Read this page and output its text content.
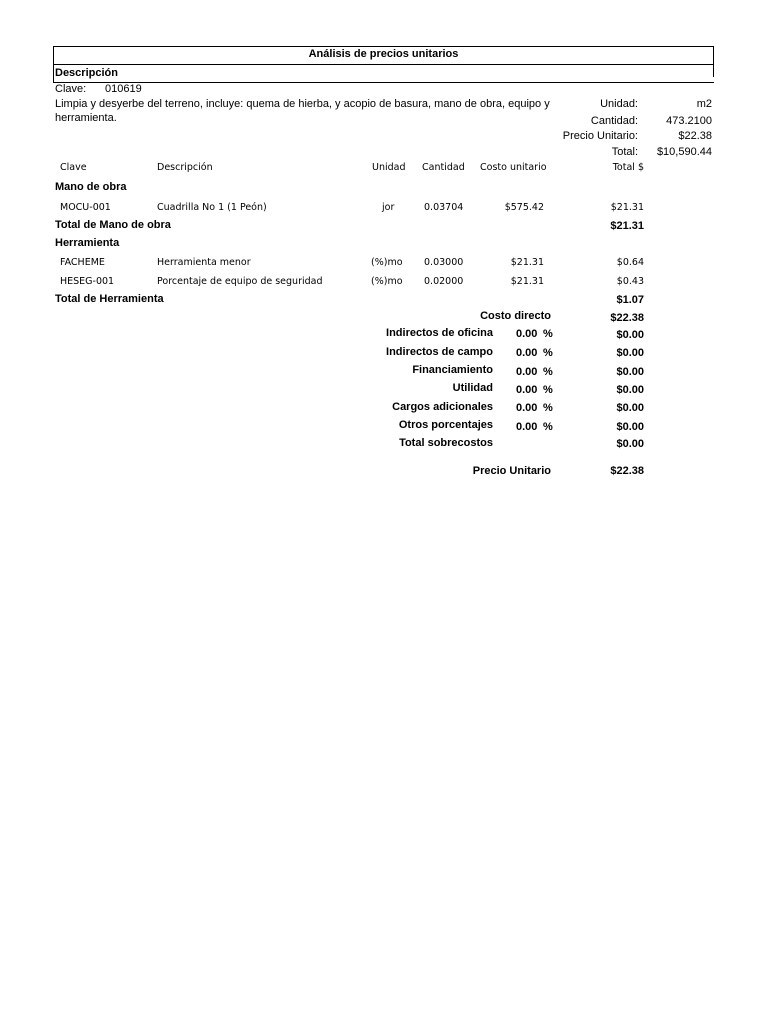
Análisis de precios unitarios
Descripción
Clave: 010619
Limpia y desyerbe del terreno, incluye: quema de hierba, y acopio de basura, mano de obra, equipo y
herramienta.
Unidad:	m2
Cantidad:	473.2100
Precio Unitario:	$22.38
Total:	$10,590.44
Clave	Descripción	Unidad Cantidad Costo unitario	Total $
Mano de obra
MOCU-001	Cuadrilla No 1 (1 Peón)	jor	0.03704	$575.42	$21.31
Total de Mano de obra	$21.31
Herramienta
FACHEME	Herramienta menor	(%)mo 0.03000	$21.31	$0.64
HESEG-001	Porcentaje de equipo de seguridad	(%)mo 0.02000	$21.31	$0.43
Total de Herramienta	$1.07
Costo directo	$22.38
Indirectos de oficina 0.00 %	$0.00
Indirectos de campo 0.00 %	$0.00
Financiamiento 0.00 %	$0.00
Utilidad 0.00 %	$0.00
Cargos adicionales 0.00 %	$0.00
Otros porcentajes 0.00 %	$0.00
Total sobrecostos	$0.00
Precio Unitario	$22.38
